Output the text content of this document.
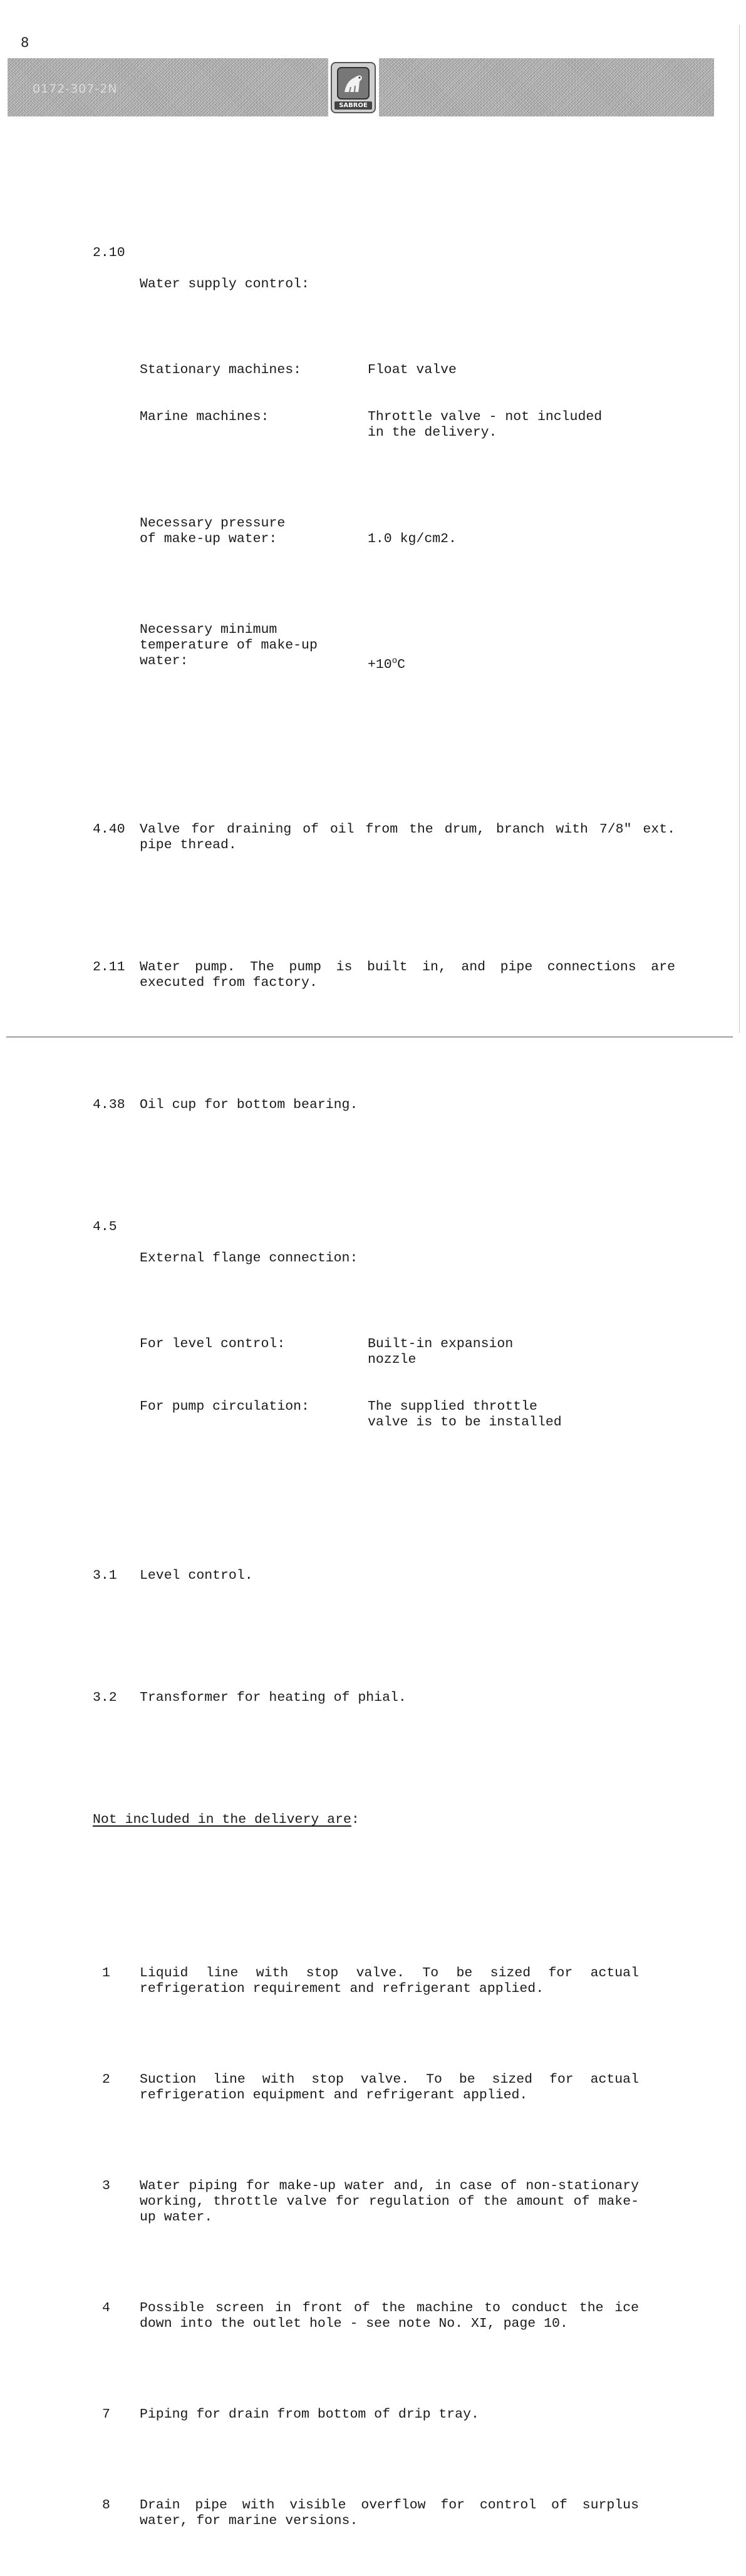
8
0172-307-2N
SABROE

2.10

Water supply control:

Stationary machines:	Float valve

Marine machines:	Throttle valve - not included
in the delivery.

Necessary pressure
of make-up water:	1.0 kg/cm2.

Necessary minimum
temperature of make-up
water:	$+10^oC$

4.40	Valve for draining of oil from the drum, branch with 7/8" ext. pipe thread.

2.11	Water pump. The pump is built in, and pipe connections are executed from factory.

4.38	Oil cup for bottom bearing.

4.5

External flange connection:

For level control:	Built-in expansion
nozzle

For pump circulation:	The supplied throttle
valve is to be installed

3.1	Level control.

3.2	Transformer for heating of phial.

Not included in the delivery are:

1	Liquid line with stop valve. To be sized for actual refrigeration requirement and refrigerant applied.

2	Suction line with stop valve. To be sized for actual refrigeration equipment and refrigerant applied.

3	Water piping for make-up water and, in case of non-stationary working, throttle valve for regulation of the amount of make-up water.

4	Possible screen in front of the machine to conduct the ice down into the outlet hole - see note No. XI, page 10.

7	Piping for drain from bottom of drip tray.

8	Drain pipe with visible overflow for control of surplus water, for marine versions.
